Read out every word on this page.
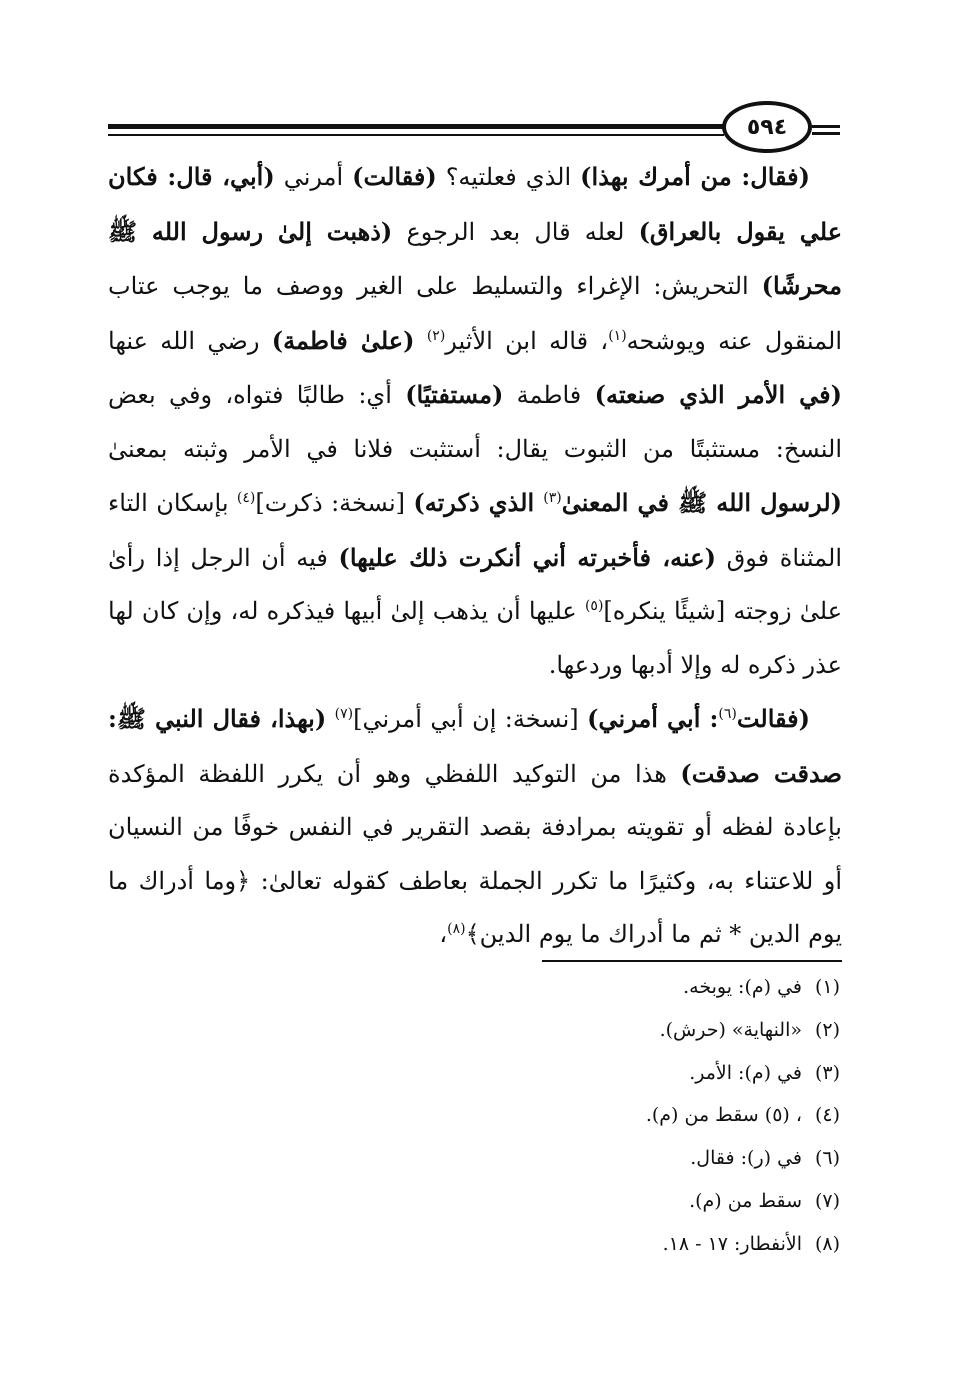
٥٩٤

(فقال: من أمرك بهذا) الذي فعلتيه؟ (فقالت) أمرني (أبي، قال: فكان علي يقول بالعراق) لعله قال بعد الرجوع (ذهبت إلىٰ رسول الله ﷺ محرشًا) التحريش: الإغراء والتسليط على الغير ووصف ما يوجب عتاب المنقول عنه ويوشحه$^{(١)}$، قاله ابن الأثير$^{(٢)}$ (علىٰ فاطمة) رضي الله عنها (في الأمر الذي صنعته) فاطمة (مستفتيًا) أي: طالبًا فتواه، وفي بعض النسخ: مستثبتًا من الثبوت يقال: أستثبت فلانا في الأمر وثبته بمعنىٰ (لرسول الله ﷺ في المعنىٰ$^{(٣)}$ الذي ذكرته) [نسخة: ذكرت]$^{(٤)}$ بإسكان التاء المثناة فوق (عنه، فأخبرته أني أنكرت ذلك عليها) فيه أن الرجل إذا رأىٰ علىٰ زوجته [شيئًا ينكره]$^{(٥)}$ عليها أن يذهب إلىٰ أبيها فيذكره له، وإن كان لها عذر ذكره له وإلا أدبها وردعها.

(فقالت$^{(٦)}$: أبي أمرني) [نسخة: إن أبي أمرني]$^{(٧)}$ (بهذا، فقال النبي ﷺ: صدقت صدقت) هذا من التوكيد اللفظي وهو أن يكرر اللفظة المؤكدة بإعادة لفظه أو تقويته بمرادفة بقصد التقرير في النفس خوفًا من النسيان أو للاعتناء به، وكثيرًا ما تكرر الجملة بعاطف كقوله تعالىٰ: ﴿وما أدراك ما يوم الدين * ثم ما أدراك ما يوم الدين﴾$^{(٨)}$،

(١)في (م): يوبخه.
(٢)«النهاية» (حرش).
(٣)في (م): الأمر.
(٤)، (٥) سقط من (م).
(٦)في (ر): فقال.
(٧)سقط من (م).
(٨)الأنفطار: ١٧ - ١٨.
